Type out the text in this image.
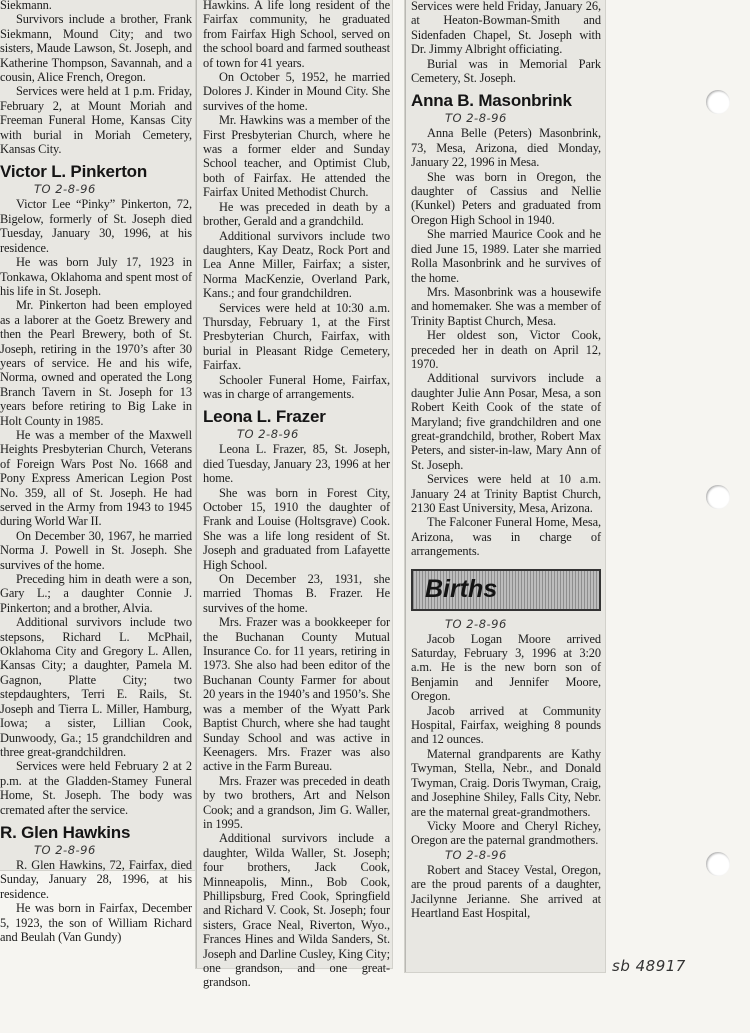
Siekmann.

Survivors include a brother, Frank Siekmann, Mound City; and two sisters, Maude Lawson, St. Joseph, and Katherine Thompson, Savannah, and a cousin, Alice French, Oregon.

Services were held at 1 p.m. Friday, February 2, at Mount Moriah and Freeman Funeral Home, Kansas City with burial in Moriah Cemetery, Kansas City.

Victor L. Pinkerton
TO 2-8-96

Victor Lee “Pinky” Pinkerton, 72, Bigelow, formerly of St. Joseph died Tuesday, January 30, 1996, at his residence.

He was born July 17, 1923 in Tonkawa, Oklahoma and spent most of his life in St. Joseph.

Mr. Pinkerton had been employed as a laborer at the Goetz Brewery and then the Pearl Brewery, both of St. Joseph, retiring in the 1970’s after 30 years of service. He and his wife, Norma, owned and operated the Long Branch Tavern in St. Joseph for 13 years before retiring to Big Lake in Holt County in 1985.

He was a member of the Maxwell Heights Presbyterian Church, Veterans of Foreign Wars Post No. 1668 and Pony Express American Legion Post No. 359, all of St. Joseph. He had served in the Army from 1943 to 1945 during World War II.

On December 30, 1967, he married Norma J. Powell in St. Joseph. She survives of the home.

Preceding him in death were a son, Gary L.; a daughter Connie J. Pinkerton; and a brother, Alvia.

Additional survivors include two stepsons, Richard L. McPhail, Oklahoma City and Gregory L. Allen, Kansas City; a daughter, Pamela M. Gagnon, Platte City; two stepdaughters, Terri E. Rails, St. Joseph and Tierra L. Miller, Hamburg, Iowa; a sister, Lillian Cook, Dunwoody, Ga.; 15 grandchildren and three great-grandchildren.

Services were held February 2 at 2 p.m. at the Gladden-Stamey Funeral Home, St. Joseph. The body was cremated after the service.

R. Glen Hawkins
TO 2-8-96

R. Glen Hawkins, 72, Fairfax, died Sunday, January 28, 1996, at his residence.

He was born in Fairfax, December 5, 1923, the son of William Richard and Beulah (Van Gundy)

Hawkins. A life long resident of the Fairfax community, he graduated from Fairfax High School, served on the school board and farmed southeast of town for 41 years.

On October 5, 1952, he married Dolores J. Kinder in Mound City. She survives of the home.

Mr. Hawkins was a member of the First Presbyterian Church, where he was a former elder and Sunday School teacher, and Optimist Club, both of Fairfax. He attended the Fairfax United Methodist Church.

He was preceded in death by a brother, Gerald and a grandchild.

Additional survivors include two daughters, Kay Deatz, Rock Port and Lea Anne Miller, Fairfax; a sister, Norma MacKenzie, Overland Park, Kans.; and four grandchildren.

Services were held at 10:30 a.m. Thursday, February 1, at the First Presbyterian Church, Fairfax, with burial in Pleasant Ridge Cemetery, Fairfax.

Schooler Funeral Home, Fairfax, was in charge of arrangements.

Leona L. Frazer
TO 2-8-96

Leona L. Frazer, 85, St. Joseph, died Tuesday, January 23, 1996 at her home.

She was born in Forest City, October 15, 1910 the daughter of Frank and Louise (Holtsgrave) Cook. She was a life long resident of St. Joseph and graduated from Lafayette High School.

On December 23, 1931, she married Thomas B. Frazer. He survives of the home.

Mrs. Frazer was a bookkeeper for the Buchanan County Mutual Insurance Co. for 11 years, retiring in 1973. She also had been editor of the Buchanan County Farmer for about 20 years in the 1940’s and 1950’s. She was a member of the Wyatt Park Baptist Church, where she had taught Sunday School and was active in Keenagers. Mrs. Frazer was also active in the Farm Bureau.

Mrs. Frazer was preceded in death by two brothers, Art and Nelson Cook; and a grandson, Jim G. Waller, in 1995.

Additional survivors include a daughter, Wilda Waller, St. Joseph; four brothers, Jack Cook, Minneapolis, Minn., Bob Cook, Phillipsburg, Fred Cook, Springfield and Richard V. Cook, St. Joseph; four sisters, Grace Neal, Riverton, Wyo., Frances Hines and Wilda Sanders, St. Joseph and Darline Cusley, King City; one grandson, and one great-grandson.

Services were held Friday, January 26, at Heaton-Bowman-Smith and Sidenfaden Chapel, St. Joseph with Dr. Jimmy Albright officiating.

Burial was in Memorial Park Cemetery, St. Joseph.

Anna B. Masonbrink
TO 2-8-96

Anna Belle (Peters) Masonbrink, 73, Mesa, Arizona, died Monday, January 22, 1996 in Mesa.

She was born in Oregon, the daughter of Cassius and Nellie (Kunkel) Peters and graduated from Oregon High School in 1940.

She married Maurice Cook and he died June 15, 1989. Later she married Rolla Masonbrink and he survives of the home.

Mrs. Masonbrink was a housewife and homemaker. She was a member of Trinity Baptist Church, Mesa.

Her oldest son, Victor Cook, preceded her in death on April 12, 1970.

Additional survivors include a daughter Julie Ann Posar, Mesa, a son Robert Keith Cook of the state of Maryland; five grandchildren and one great-grandchild, brother, Robert Max Peters, and sister-in-law, Mary Ann of St. Joseph.

Services were held at 10 a.m. January 24 at Trinity Baptist Church, 2130 East University, Mesa, Arizona.

The Falconer Funeral Home, Mesa, Arizona, was in charge of arrangements.

Births
TO 2-8-96

Jacob Logan Moore arrived Saturday, February 3, 1996 at 3:20 a.m. He is the new born son of Benjamin and Jennifer Moore, Oregon.

Jacob arrived at Community Hospital, Fairfax, weighing 8 pounds and 12 ounces.

Maternal grandparents are Kathy Twyman, Stella, Nebr., and Donald Twyman, Craig. Doris Twyman, Craig, and Josephine Shiley, Falls City, Nebr. are the maternal great-grandmothers.

Vicky Moore and Cheryl Richey, Oregon are the paternal grandmothers.

TO 2-8-96

Robert and Stacey Vestal, Oregon, are the proud parents of a daughter, Jacilynne Jerianne. She arrived at Heartland East Hospital,

sb 48917
